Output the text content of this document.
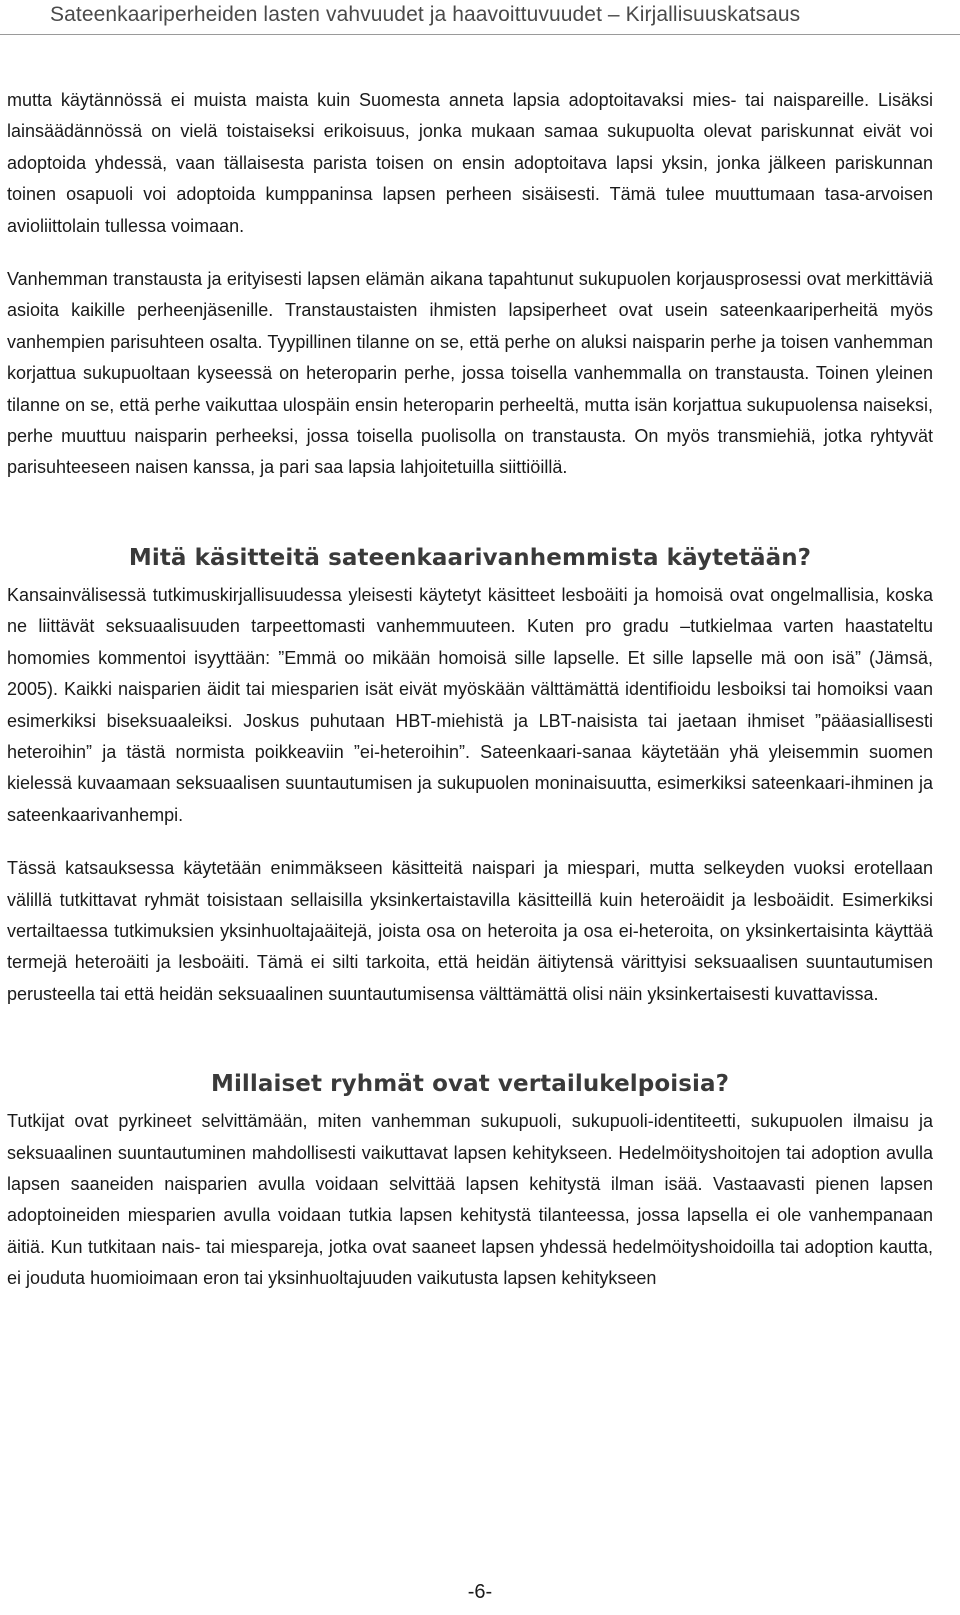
Sateenkaariperheiden lasten vahvuudet ja haavoittuvuudet – Kirjallisuuskatsaus

mutta käytännössä ei muista maista kuin Suomesta anneta lapsia adoptoitavaksi mies- tai naispareille. Lisäksi lainsäädännössä on vielä toistaiseksi erikoisuus, jonka mukaan samaa sukupuolta olevat pariskunnat eivät voi adoptoida yhdessä, vaan tällaisesta parista toisen on ensin adoptoitava lapsi yksin, jonka jälkeen pariskunnan toinen osapuoli voi adoptoida kumppaninsa lapsen perheen sisäisesti. Tämä tulee muuttumaan tasa-arvoisen avioliittolain tullessa voimaan.

Vanhemman transtausta ja erityisesti lapsen elämän aikana tapahtunut sukupuolen korjausprosessi ovat merkittäviä asioita kaikille perheenjäsenille. Transtaustaisten ihmisten lapsiperheet ovat usein sateenkaariperheitä myös vanhempien parisuhteen osalta. Tyypillinen tilanne on se, että perhe on aluksi naisparin perhe ja toisen vanhemman korjattua sukupuoltaan kyseessä on heteroparin perhe, jossa toisella vanhemmalla on transtausta. Toinen yleinen tilanne on se, että perhe vaikuttaa ulospäin ensin heteroparin perheeltä, mutta isän korjattua sukupuolensa naiseksi, perhe muuttuu naisparin perheeksi, jossa toisella puolisolla on transtausta. On myös transmiehiä, jotka ryhtyvät parisuhteeseen naisen kanssa, ja pari saa lapsia lahjoitetuilla siittiöillä.

Mitä käsitteitä sateenkaarivanhemmista käytetään?

Kansainvälisessä tutkimuskirjallisuudessa yleisesti käytetyt käsitteet lesboäiti ja homoisä ovat ongelmallisia, koska ne liittävät seksuaalisuuden tarpeettomasti vanhemmuuteen. Kuten pro gradu –tutkielmaa varten haastateltu homomies kommentoi isyyttään: ”Emmä oo mikään homoisä sille lapselle. Et sille lapselle mä oon isä” (Jämsä, 2005). Kaikki naisparien äidit tai miesparien isät eivät myöskään välttämättä identifioidu lesboiksi tai homoiksi vaan esimerkiksi biseksuaaleiksi. Joskus puhutaan HBT-miehistä ja LBT-naisista tai jaetaan ihmiset ”pääasiallisesti heteroihin” ja tästä normista poikkeaviin ”ei-heteroihin”. Sateenkaari-sanaa käytetään yhä yleisemmin suomen kielessä kuvaamaan seksuaalisen suuntautumisen ja sukupuolen moninaisuutta, esimerkiksi sateenkaari-ihminen ja sateenkaarivanhempi.

Tässä katsauksessa käytetään enimmäkseen käsitteitä naispari ja miespari, mutta selkeyden vuoksi erotellaan välillä tutkittavat ryhmät toisistaan sellaisilla yksinkertaistavilla käsitteillä kuin heteroäidit ja lesboäidit. Esimerkiksi vertailtaessa tutkimuksien yksinhuoltajaäitejä, joista osa on heteroita ja osa ei-heteroita, on yksinkertaisinta käyttää termejä heteroäiti ja lesboäiti. Tämä ei silti tarkoita, että heidän äitiytensä värittyisi seksuaalisen suuntautumisen perusteella tai että heidän seksuaalinen suuntautumisensa välttämättä olisi näin yksinkertaisesti kuvattavissa.

Millaiset ryhmät ovat vertailukelpoisia?

Tutkijat ovat pyrkineet selvittämään, miten vanhemman sukupuoli, sukupuoli-identiteetti, sukupuolen ilmaisu ja seksuaalinen suuntautuminen mahdollisesti vaikuttavat lapsen kehitykseen. Hedelmöityshoitojen tai adoption avulla lapsen saaneiden naisparien avulla voidaan selvittää lapsen kehitystä ilman isää. Vastaavasti pienen lapsen adoptoineiden miesparien avulla voidaan tutkia lapsen kehitystä tilanteessa, jossa lapsella ei ole vanhempanaan äitiä. Kun tutkitaan nais- tai miespareja, jotka ovat saaneet lapsen yhdessä hedelmöityshoidoilla tai adoption kautta, ei jouduta huomioimaan eron tai yksinhuoltajuuden vaikutusta lapsen kehitykseen

-6-
